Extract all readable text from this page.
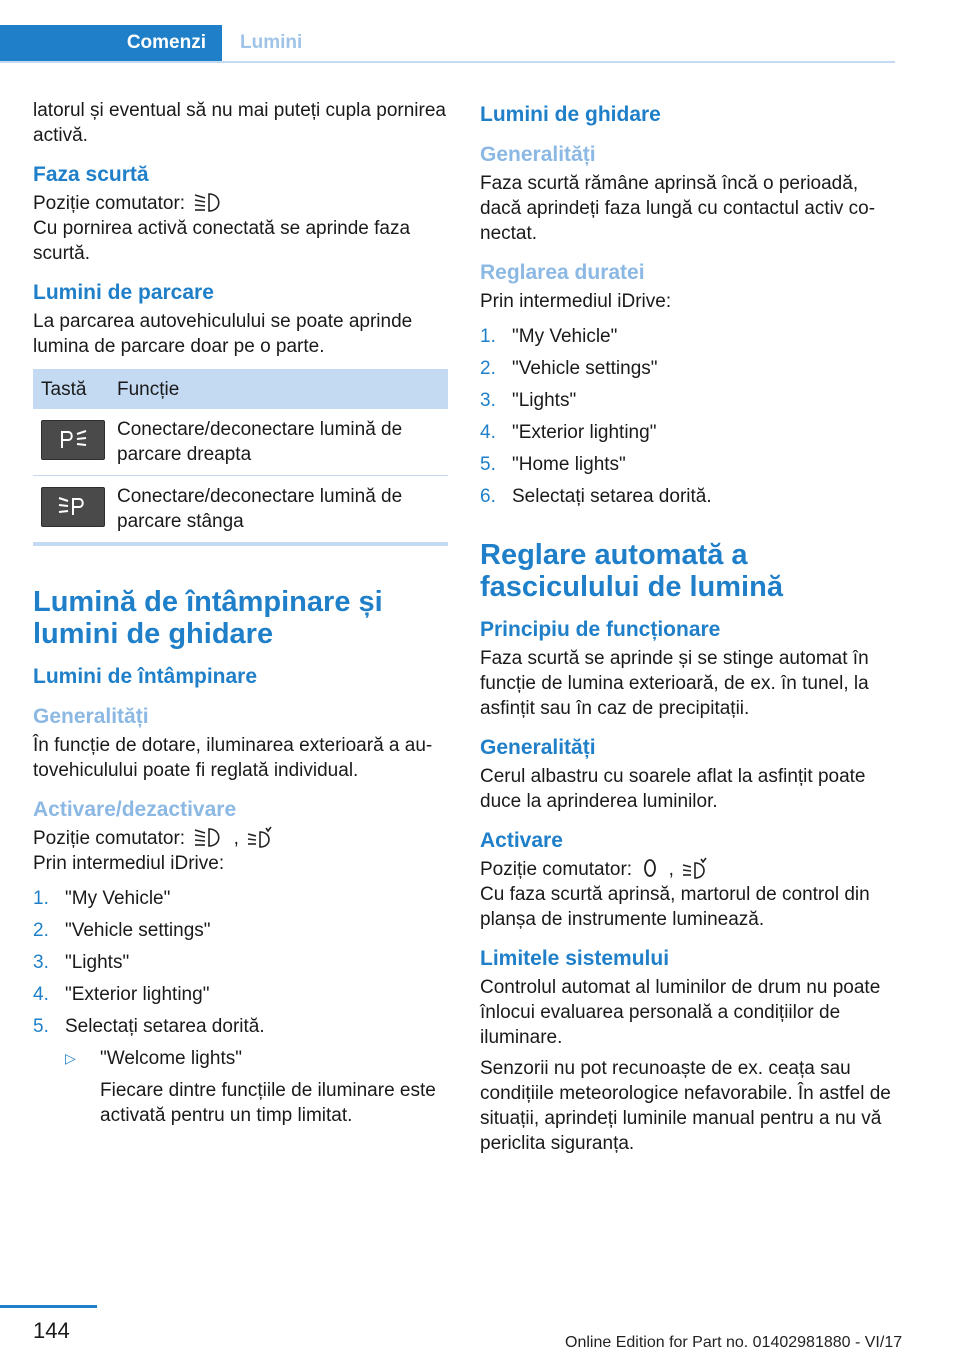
Comenzi	Lumini

latorul și eventual să nu mai puteți cupla pornirea activă.

Faza scurtă

Poziție comutator:

Cu pornirea activă conectată se aprinde faza scurtă.

Lumini de parcare

La parcarea autovehiculului se poate aprinde lumina de parcare doar pe o parte.

Tastă	Funcție
Conectare/deconectare lumină de parcare dreapta
Conectare/deconectare lumină de parcare stânga
Lumină de întâmpinare și lumini de ghidare
Lumini de întâmpinare
Generalități

În funcție de dotare, iluminarea exterioară a autovehiculului poate fi reglată individual.

Activare/dezactivare

Poziție comutator:	,

Prin intermediul iDrive:

1. "My Vehicle"
2. "Vehicle settings"
3. "Lights"
4. "Exterior lighting"
5. Selectați setarea dorită.
▷ "Welcome lights"

Fiecare dintre funcțiile de iluminare este activată pentru un timp limitat.

Lumini de ghidare
Generalități

Faza scurtă rămâne aprinsă încă o perioadă, dacă aprindeți faza lungă cu contactul activ conectat.

Reglarea duratei

Prin intermediul iDrive:

1. "My Vehicle"
2. "Vehicle settings"
3. "Lights"
4. "Exterior lighting"
5. "Home lights"
6. Selectați setarea dorită.
Reglare automată a fasciculului de lumină
Principiu de funcționare

Faza scurtă se aprinde și se stinge automat în funcție de lumina exterioară, de ex. în tunel, la asfințit sau în caz de precipitații.

Generalități

Cerul albastru cu soarele aflat la asfințit poate duce la aprinderea luminilor.

Activare

Poziție comutator: ,

Cu faza scurtă aprinsă, martorul de control din planșa de instrumente luminează.

Limitele sistemului

Controlul automat al luminilor de drum nu poate înlocui evaluarea personală a condițiilor de iluminare.

Senzorii nu pot recunoaște de ex. ceața sau condițiile meteorologice nefavorabile. În astfel de situații, aprindeți luminile manual pentru a nu vă periclita siguranța.

144	Online Edition for Part no. 01402981880 - VI/17
